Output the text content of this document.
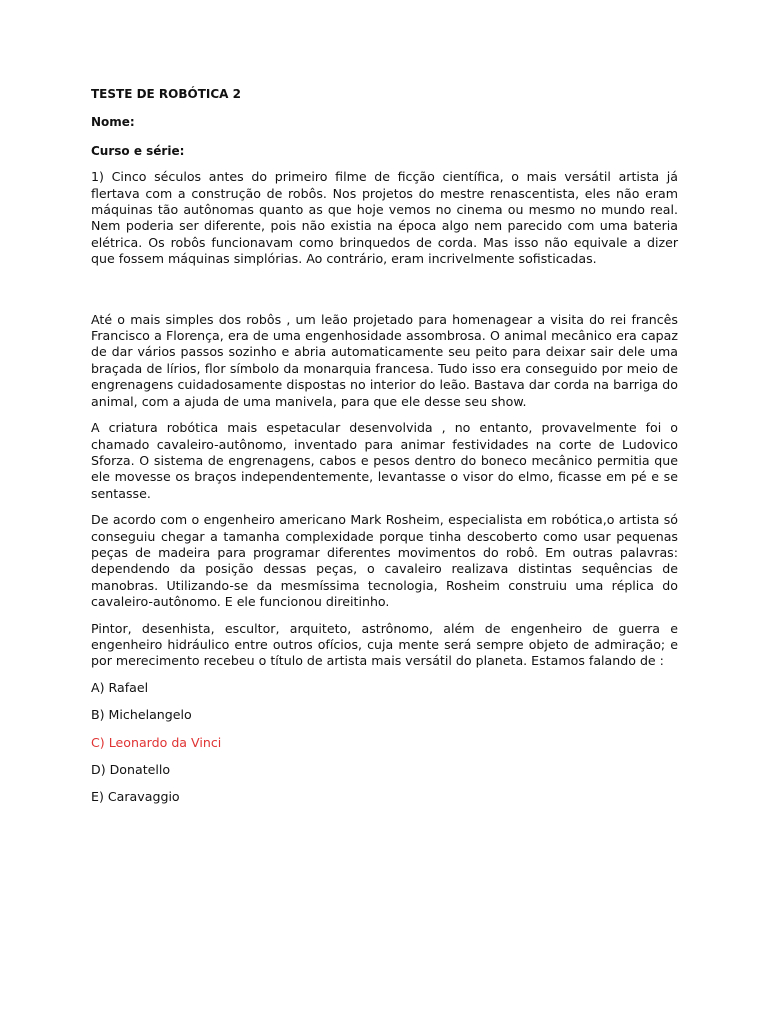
TESTE DE ROBÓTICA 2

Nome:

Curso e série:

1) Cinco séculos antes do primeiro filme de ficção científica, o mais versátil artista já flertava com a construção de robôs. Nos projetos do mestre renascentista, eles não eram máquinas tão autônomas quanto as que hoje vemos no cinema ou mesmo no mundo real. Nem poderia ser diferente, pois não existia na época algo nem parecido com uma bateria elétrica. Os robôs funcionavam como brinquedos de corda. Mas isso não equivale a dizer que fossem máquinas simplórias. Ao contrário, eram incrivelmente sofisticadas.

Até o mais simples dos robôs , um leão projetado para homenagear a visita do rei francês Francisco a Florença, era de uma engenhosidade assombrosa. O animal mecânico era capaz de dar vários passos sozinho e abria automaticamente seu peito para deixar sair dele uma braçada de lírios, flor símbolo da monarquia francesa. Tudo isso era conseguido por meio de engrenagens cuidadosamente dispostas no interior do leão. Bastava dar corda na barriga do animal, com a ajuda de uma manivela, para que ele desse seu show.

A criatura robótica mais espetacular desenvolvida , no entanto, provavelmente foi o chamado cavaleiro-autônomo, inventado para animar festividades na corte de Ludovico Sforza. O sistema de engrenagens, cabos e pesos dentro do boneco mecânico permitia que ele movesse os braços independentemente, levantasse o visor do elmo, ficasse em pé e se sentasse.

De acordo com o engenheiro americano Mark Rosheim, especialista em robótica,o artista só conseguiu chegar a tamanha complexidade porque tinha descoberto como usar pequenas peças de madeira para programar diferentes movimentos do robô. Em outras palavras: dependendo da posição dessas peças, o cavaleiro realizava distintas sequências de manobras. Utilizando-se da mesmíssima tecnologia, Rosheim construiu uma réplica do cavaleiro-autônomo. E ele funcionou direitinho.

Pintor, desenhista, escultor, arquiteto, astrônomo, além de engenheiro de guerra e engenheiro hidráulico entre outros ofícios, cuja mente será sempre objeto de admiração; e por merecimento recebeu o título de artista mais versátil do planeta. Estamos falando de :

A) Rafael
B) Michelangelo
C) Leonardo da Vinci
D) Donatello
E) Caravaggio
